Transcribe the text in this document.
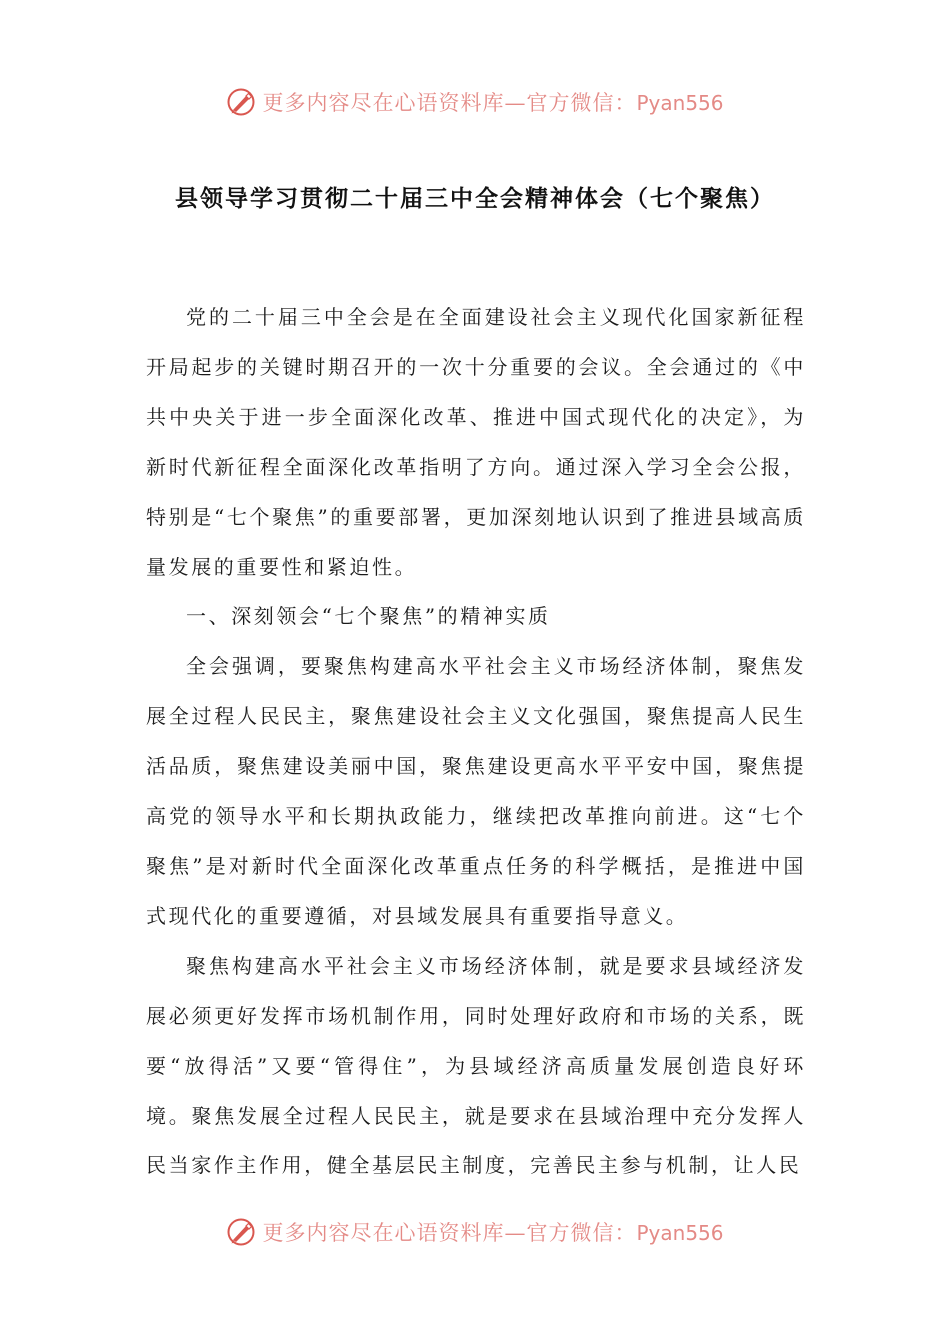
更多内容尽在心语资料库—官方微信：Pyan556
县领导学习贯彻二十届三中全会精神体会（七个聚焦）

党的二十届三中全会是在全面建设社会主义现代化国家新征程开局起步的关键时期召开的一次十分重要的会议。全会通过的《中共中央关于进一步全面深化改革、推进中国式现代化的决定》，为新时代新征程全面深化改革指明了方向。通过深入学习全会公报，特别是“七个聚焦”的重要部署，更加深刻地认识到了推进县域高质量发展的重要性和紧迫性。

一、深刻领会“七个聚焦”的精神实质

全会强调，要聚焦构建高水平社会主义市场经济体制，聚焦发展全过程人民民主，聚焦建设社会主义文化强国，聚焦提高人民生活品质，聚焦建设美丽中国，聚焦建设更高水平平安中国，聚焦提高党的领导水平和长期执政能力，继续把改革推向前进。这“七个聚焦”是对新时代全面深化改革重点任务的科学概括，是推进中国式现代化的重要遵循，对县域发展具有重要指导意义。

聚焦构建高水平社会主义市场经济体制，就是要求县域经济发展必须更好发挥市场机制作用，同时处理好政府和市场的关系，既要“放得活”又要“管得住”，为县域经济高质量发展创造良好环境。聚焦发展全过程人民民主，就是要求在县域治理中充分发挥人民当家作主作用，健全基层民主制度，完善民主参与机制，让人民

更多内容尽在心语资料库—官方微信：Pyan556
